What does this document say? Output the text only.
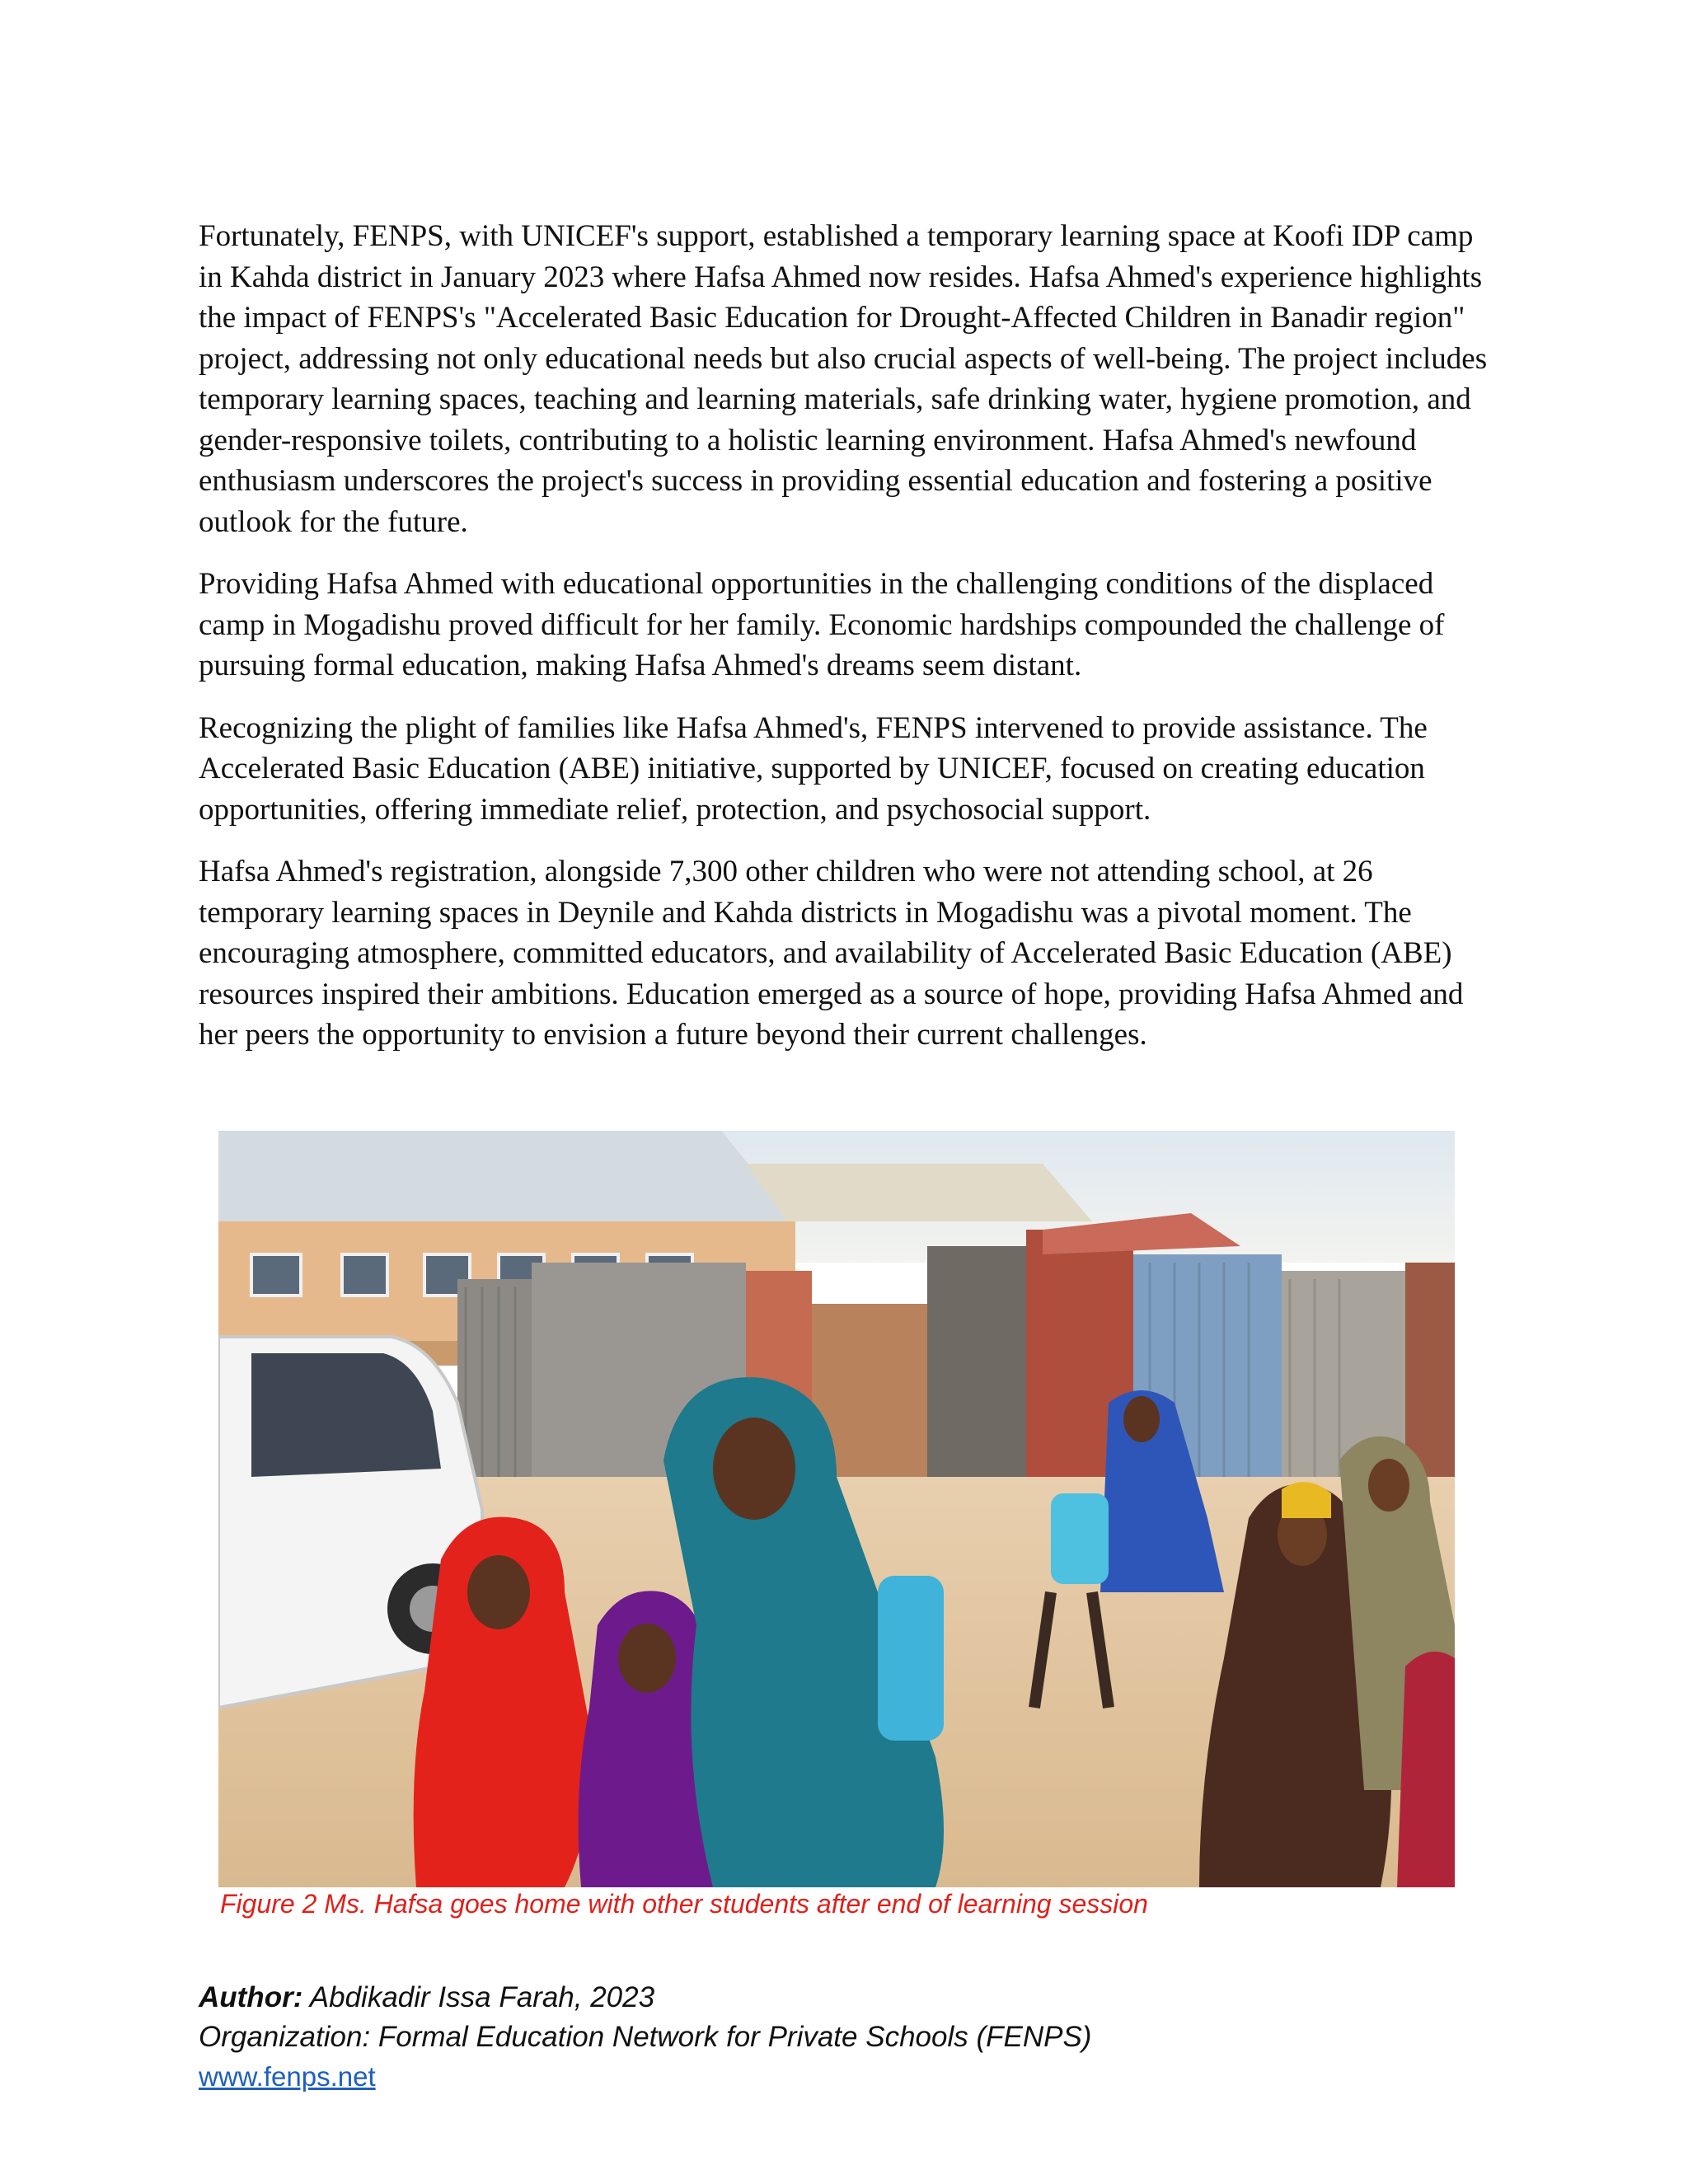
Fortunately, FENPS, with UNICEF's support, established a temporary learning space at Koofi IDP camp in Kahda district in January 2023 where Hafsa Ahmed now resides. Hafsa Ahmed's experience highlights the impact of FENPS's "Accelerated Basic Education for Drought-Affected Children in Banadir region" project, addressing not only educational needs but also crucial aspects of well-being. The project includes temporary learning spaces, teaching and learning materials, safe drinking water, hygiene promotion, and gender-responsive toilets, contributing to a holistic learning environment. Hafsa Ahmed's newfound enthusiasm underscores the project's success in providing essential education and fostering a positive outlook for the future.

Providing Hafsa Ahmed with educational opportunities in the challenging conditions of the displaced camp in Mogadishu proved difficult for her family. Economic hardships compounded the challenge of pursuing formal education, making Hafsa Ahmed's dreams seem distant.

Recognizing the plight of families like Hafsa Ahmed's, FENPS intervened to provide assistance. The Accelerated Basic Education (ABE) initiative, supported by UNICEF, focused on creating education opportunities, offering immediate relief, protection, and psychosocial support.

Hafsa Ahmed's registration, alongside 7,300 other children who were not attending school, at 26 temporary learning spaces in Deynile and Kahda districts in Mogadishu was a pivotal moment. The encouraging atmosphere, committed educators, and availability of Accelerated Basic Education (ABE) resources inspired their ambitions. Education emerged as a source of hope, providing Hafsa Ahmed and her peers the opportunity to envision a future beyond their current challenges.

Figure 2 Ms. Hafsa goes home with other students after end of learning session
Author: Abdikadir Issa Farah, 2023
Organization: Formal Education Network for Private Schools (FENPS)
www.fenps.net
